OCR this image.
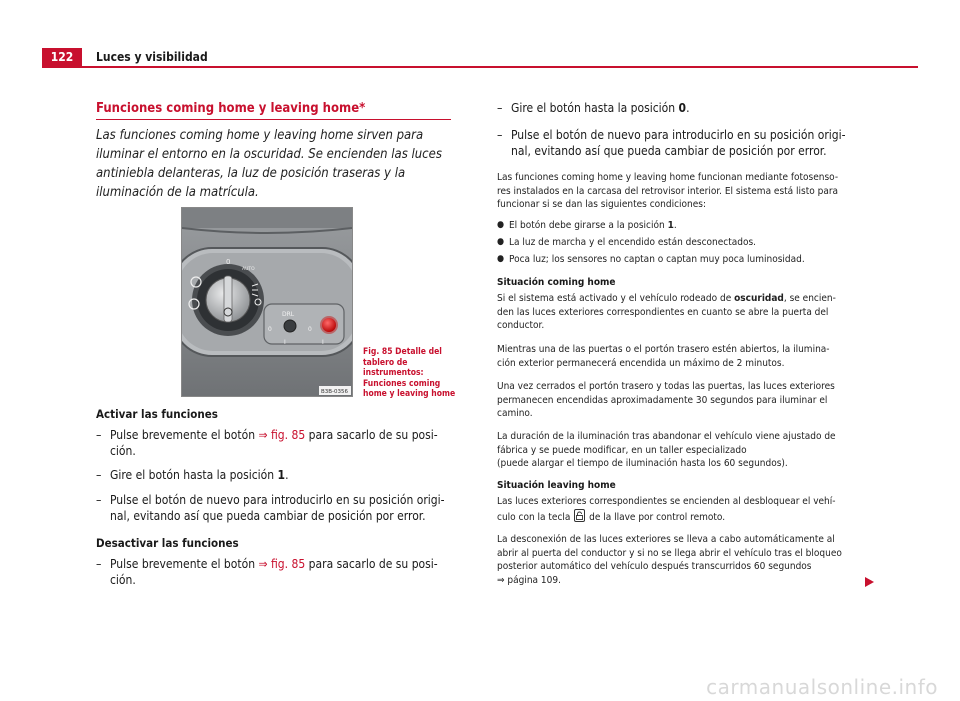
122	Luces y visibilidad
Funciones coming home y leaving home*
Las funciones coming home y leaving home sirven para iluminar el entorno en la oscuridad. Se encienden las luces antiniebla delanteras, la luz de posición traseras y la iluminación de la matrícula.
0
AUTO
DRL
0
I
0
I
B3B-0356
Fig. 85 Detalle del tablero de instrumentos: Funciones coming home y leaving home
Activar las funciones
– Pulse brevemente el botón ⇒ fig. 85 para sacarlo de su posi-
ción.
– Gire el botón hasta la posición 1.
– Pulse el botón de nuevo para introducirlo en su posición origi-
nal, evitando así que pueda cambiar de posición por error.
Desactivar las funciones
– Pulse brevemente el botón ⇒ fig. 85 para sacarlo de su posi-
ción.
– Gire el botón hasta la posición 0.
– Pulse el botón de nuevo para introducirlo en su posición origi-
nal, evitando así que pueda cambiar de posición por error.
Las funciones coming home y leaving home funcionan mediante fotosenso-
res instalados en la carcasa del retrovisor interior. El sistema está listo para
funcionar si se dan las siguientes condiciones:
● El botón debe girarse a la posición 1.
● La luz de marcha y el encendido están desconectados.
● Poca luz; los sensores no captan o captan muy poca luminosidad.
Situación coming home
Si el sistema está activado y el vehículo rodeado de oscuridad, se encien-
den las luces exteriores correspondientes en cuanto se abre la puerta del
conductor.
Mientras una de las puertas o el portón trasero estén abiertos, la ilumina-
ción exterior permanecerá encendida un máximo de 2 minutos.
Una vez cerrados el portón trasero y todas las puertas, las luces exteriores
permanecen encendidas aproximadamente 30 segundos para iluminar el
camino.
La duración de la iluminación tras abandonar el vehículo viene ajustado de
fábrica y se puede modificar, en un taller especializado
(puede alargar el tiempo de iluminación hasta los 60 segundos).
Situación leaving home
Las luces exteriores correspondientes se encienden al desbloquear el vehí-
culo con la tecla
de la llave por control remoto.
La desconexión de las luces exteriores se lleva a cabo automáticamente al
abrir al puerta del conductor y si no se llega abrir el vehículo tras el bloqueo
posterior automático del vehículo después transcurridos 60 segundos
⇒ página 109.
carmanualsonline.info
